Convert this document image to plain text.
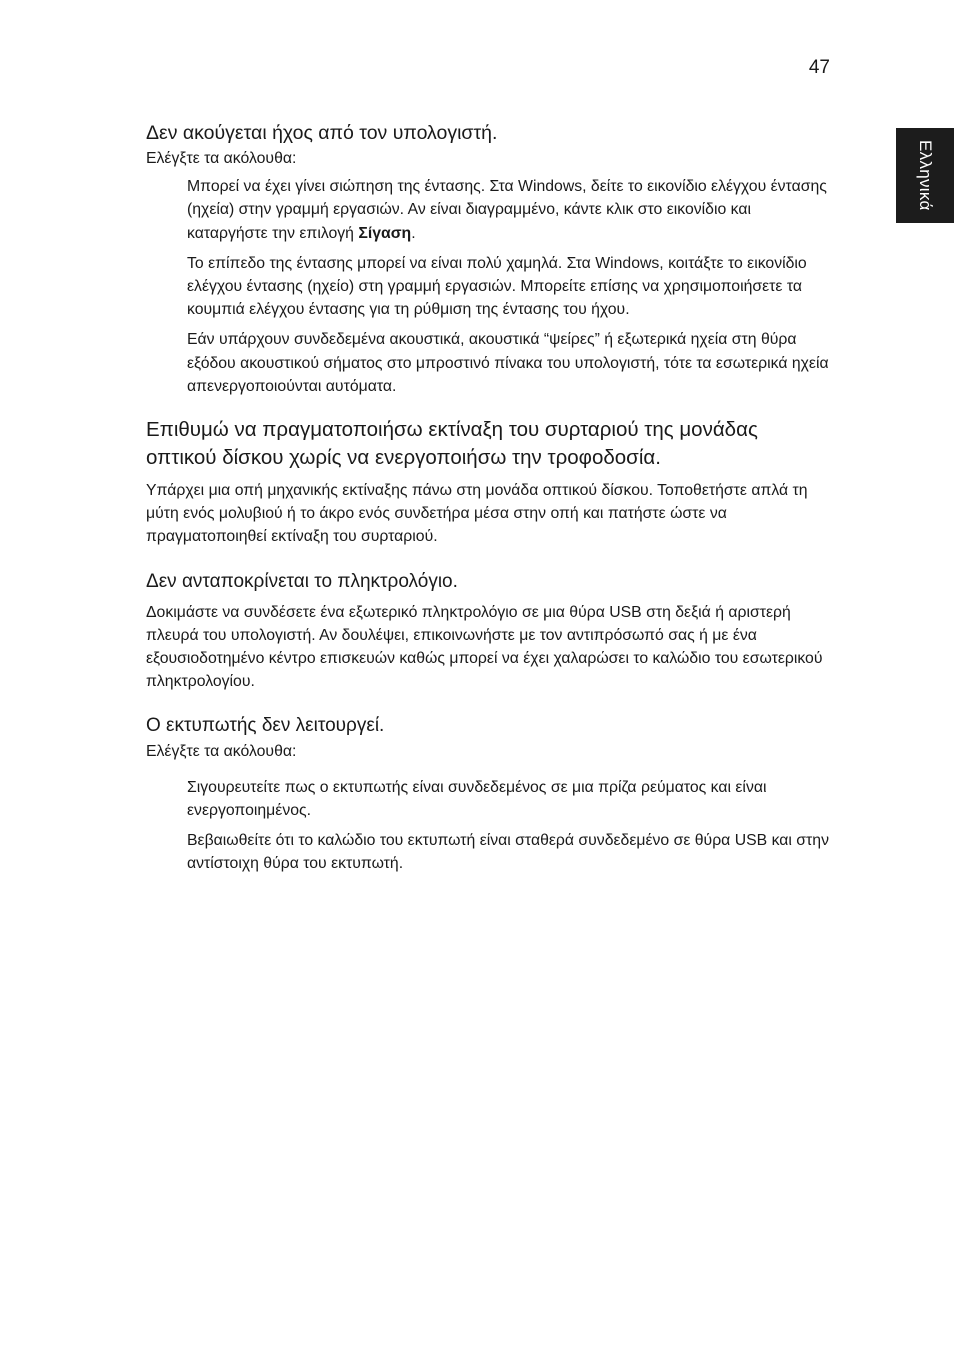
47
Ελληνικά
Δεν ακούγεται ήχος από τον υπολογιστή.

Ελέγξτε τα ακόλουθα:

Μπορεί να έχει γίνει σιώπηση της έντασης. Στα Windows, δείτε το εικονίδιο ελέγχου έντασης (ηχεία) στην γραμμή εργασιών. Αν είναι διαγραμμένο, κάντε κλικ στο εικονίδιο και καταργήστε την επιλογή Σίγαση.

Το επίπεδο της έντασης μπορεί να είναι πολύ χαμηλά. Στα Windows, κοιτάξτε το εικονίδιο ελέγχου έντασης (ηχείο) στη γραμμή εργασιών. Μπορείτε επίσης να χρησιμοποιήσετε τα κουμπιά ελέγχου έντασης για τη ρύθμιση της έντασης του ήχου.

Εάν υπάρχουν συνδεδεμένα ακουστικά, ακουστικά “ψείρες” ή εξωτερικά ηχεία στη θύρα εξόδου ακουστικού σήματος στο μπροστινό πίνακα του υπολογιστή, τότε τα εσωτερικά ηχεία απενεργοποιούνται αυτόματα.

Επιθυμώ να πραγματοποιήσω εκτίναξη του συρταριού της μονάδας οπτικού δίσκου χωρίς να ενεργοποιήσω την τροφοδοσία.

Υπάρχει μια οπή μηχανικής εκτίναξης πάνω στη μονάδα οπτικού δίσκου. Τοποθετήστε απλά τη μύτη ενός μολυβιού ή το άκρο ενός συνδετήρα μέσα στην οπή και πατήστε ώστε να πραγματοποιηθεί εκτίναξη του συρταριού.

Δεν ανταποκρίνεται το πληκτρολόγιο.

Δοκιμάστε να συνδέσετε ένα εξωτερικό πληκτρολόγιο σε μια θύρα USB στη δεξιά ή αριστερή πλευρά του υπολογιστή. Αν δουλέψει, επικοινωνήστε με τον αντιπρόσωπό σας ή με ένα εξουσιοδοτημένο κέντρο επισκευών καθώς μπορεί να έχει χαλαρώσει το καλώδιο του εσωτερικού πληκτρολογίου.

Ο εκτυπωτής δεν λειτουργεί.

Ελέγξτε τα ακόλουθα:

Σιγουρευτείτε πως ο εκτυπωτής είναι συνδεδεμένος σε μια πρίζα ρεύματος και είναι ενεργοποιημένος.

Βεβαιωθείτε ότι το καλώδιο του εκτυπωτή είναι σταθερά συνδεδεμένο σε θύρα USB και στην αντίστοιχη θύρα του εκτυπωτή.
